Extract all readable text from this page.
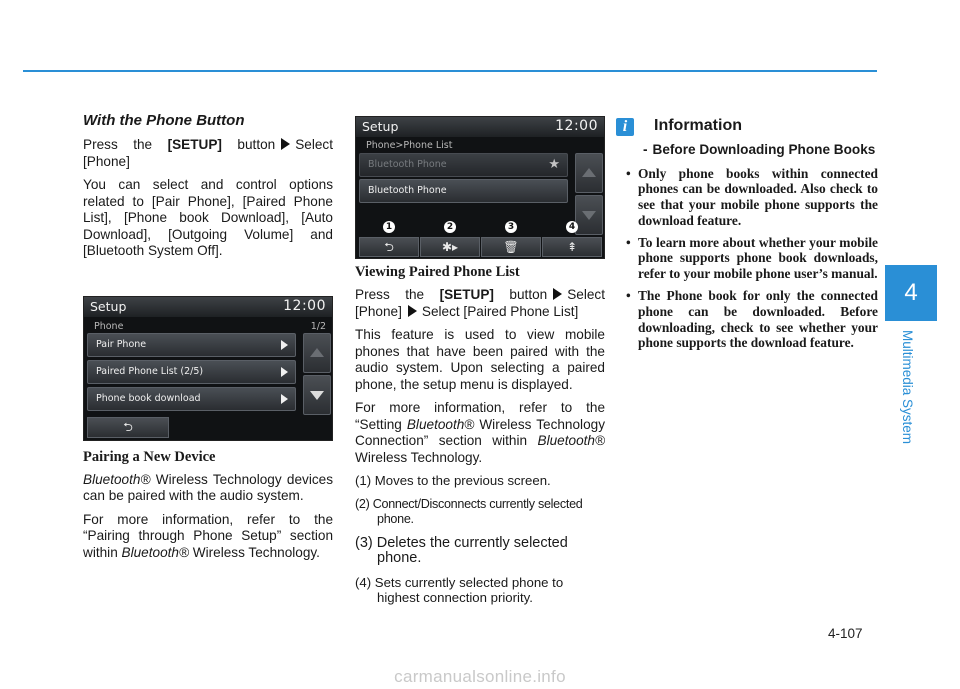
With the Phone Button

Press the [SETUP] button Select [Phone]

You can select and control options related to [Pair Phone], [Paired Phone List], [Phone book Download], [Auto Download], [Outgoing Volume] and [Bluetooth System Off].

Setup	12:00
Phone	1/2
Pair Phone
Paired Phone List (2/5)
Phone book download
⮌
Pairing a New Device

Bluetooth® Wireless Technology devices can be paired with the audio system.

For more information, refer to the “Pairing through Phone Setup” section within Bluetooth® Wireless Technology.

Setup	12:00
Phone>Phone List
Bluetooth Phone	★
Bluetooth Phone
1	2	3	4
⮌	✱▸	🗑	⇞
Viewing Paired Phone List

Press the [SETUP] button Select [Phone] Select [Paired Phone List]

This feature is used to view mobile phones that have been paired with the audio system. Upon selecting a paired phone, the setup menu is displayed.

For more information, refer to the “Setting Bluetooth® Wireless Technology Connection” section within Bluetooth® Wireless Technology.

(1) Moves to the previous screen.
(2) Connect/Disconnects currently selected phone.
(3) Deletes the currently selected phone.
(4) Sets currently selected phone to highest connection priority.
i	Information
- Before Downloading Phone Books
• Only phone books within connected phones can be downloaded. Also check to see that your mobile phone supports the download feature.
• To learn more about whether your mobile phone supports phone book downloads, refer to your mobile phone user’s manual.
• The Phone book for only the connected phone can be downloaded. Before downloading, check to see whether your phone supports the download feature.
4
Multimedia System
4-107
carmanualsonline.info
